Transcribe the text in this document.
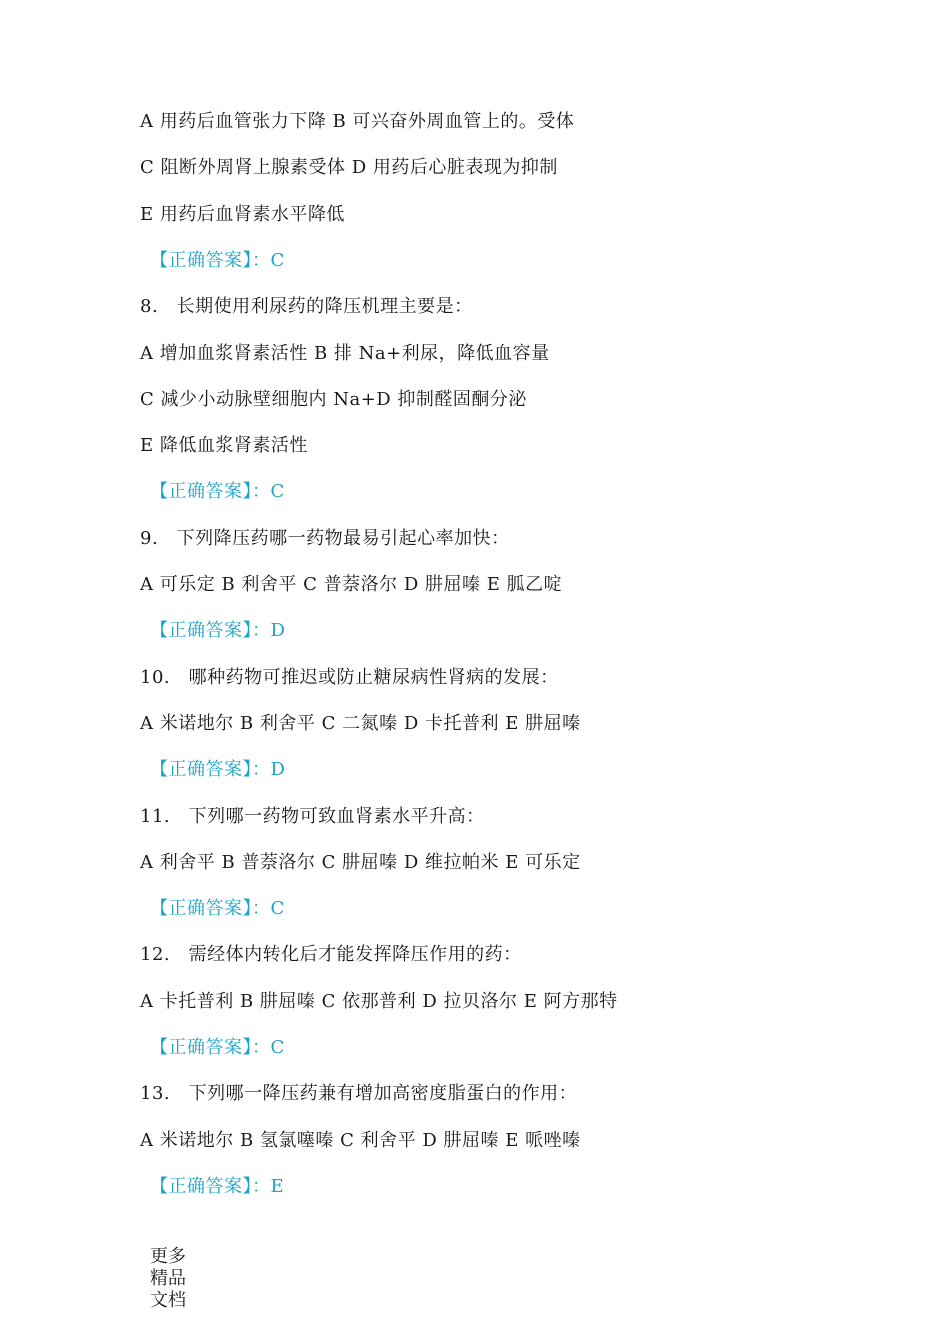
A 用药后血管张力下降 B 可兴奋外周血管上的。受体
C 阻断外周肾上腺素受体 D 用药后心脏表现为抑制
E 用药后血肾素水平降低
【正确答案】：C
8.　长期使用利尿药的降压机理主要是：
A 增加血浆肾素活性 B 排 Na+利尿，降低血容量
C 减少小动脉壁细胞内 Na+D 抑制醛固酮分泌
E 降低血浆肾素活性
【正确答案】：C
9.　下列降压药哪一药物最易引起心率加快：
A 可乐定 B 利舍平 C 普萘洛尔 D 肼屈嗪 E 胍乙啶
【正确答案】：D
10.　哪种药物可推迟或防止糖尿病性肾病的发展：
A 米诺地尔 B 利舍平 C 二氮嗪 D 卡托普利 E 肼屈嗪
【正确答案】：D
11.　下列哪一药物可致血肾素水平升高：
A 利舍平 B 普萘洛尔 C 肼屈嗪 D 维拉帕米 E 可乐定
【正确答案】：C
12.　需经体内转化后才能发挥降压作用的药：
A 卡托普利 B 肼屈嗪 C 依那普利 D 拉贝洛尔 E 阿方那特
【正确答案】：C
13.　下列哪一降压药兼有增加高密度脂蛋白的作用：
A 米诺地尔 B 氢氯噻嗪 C 利舍平 D 肼屈嗪 E 哌唑嗪
【正确答案】：E
更多
精品
文档
